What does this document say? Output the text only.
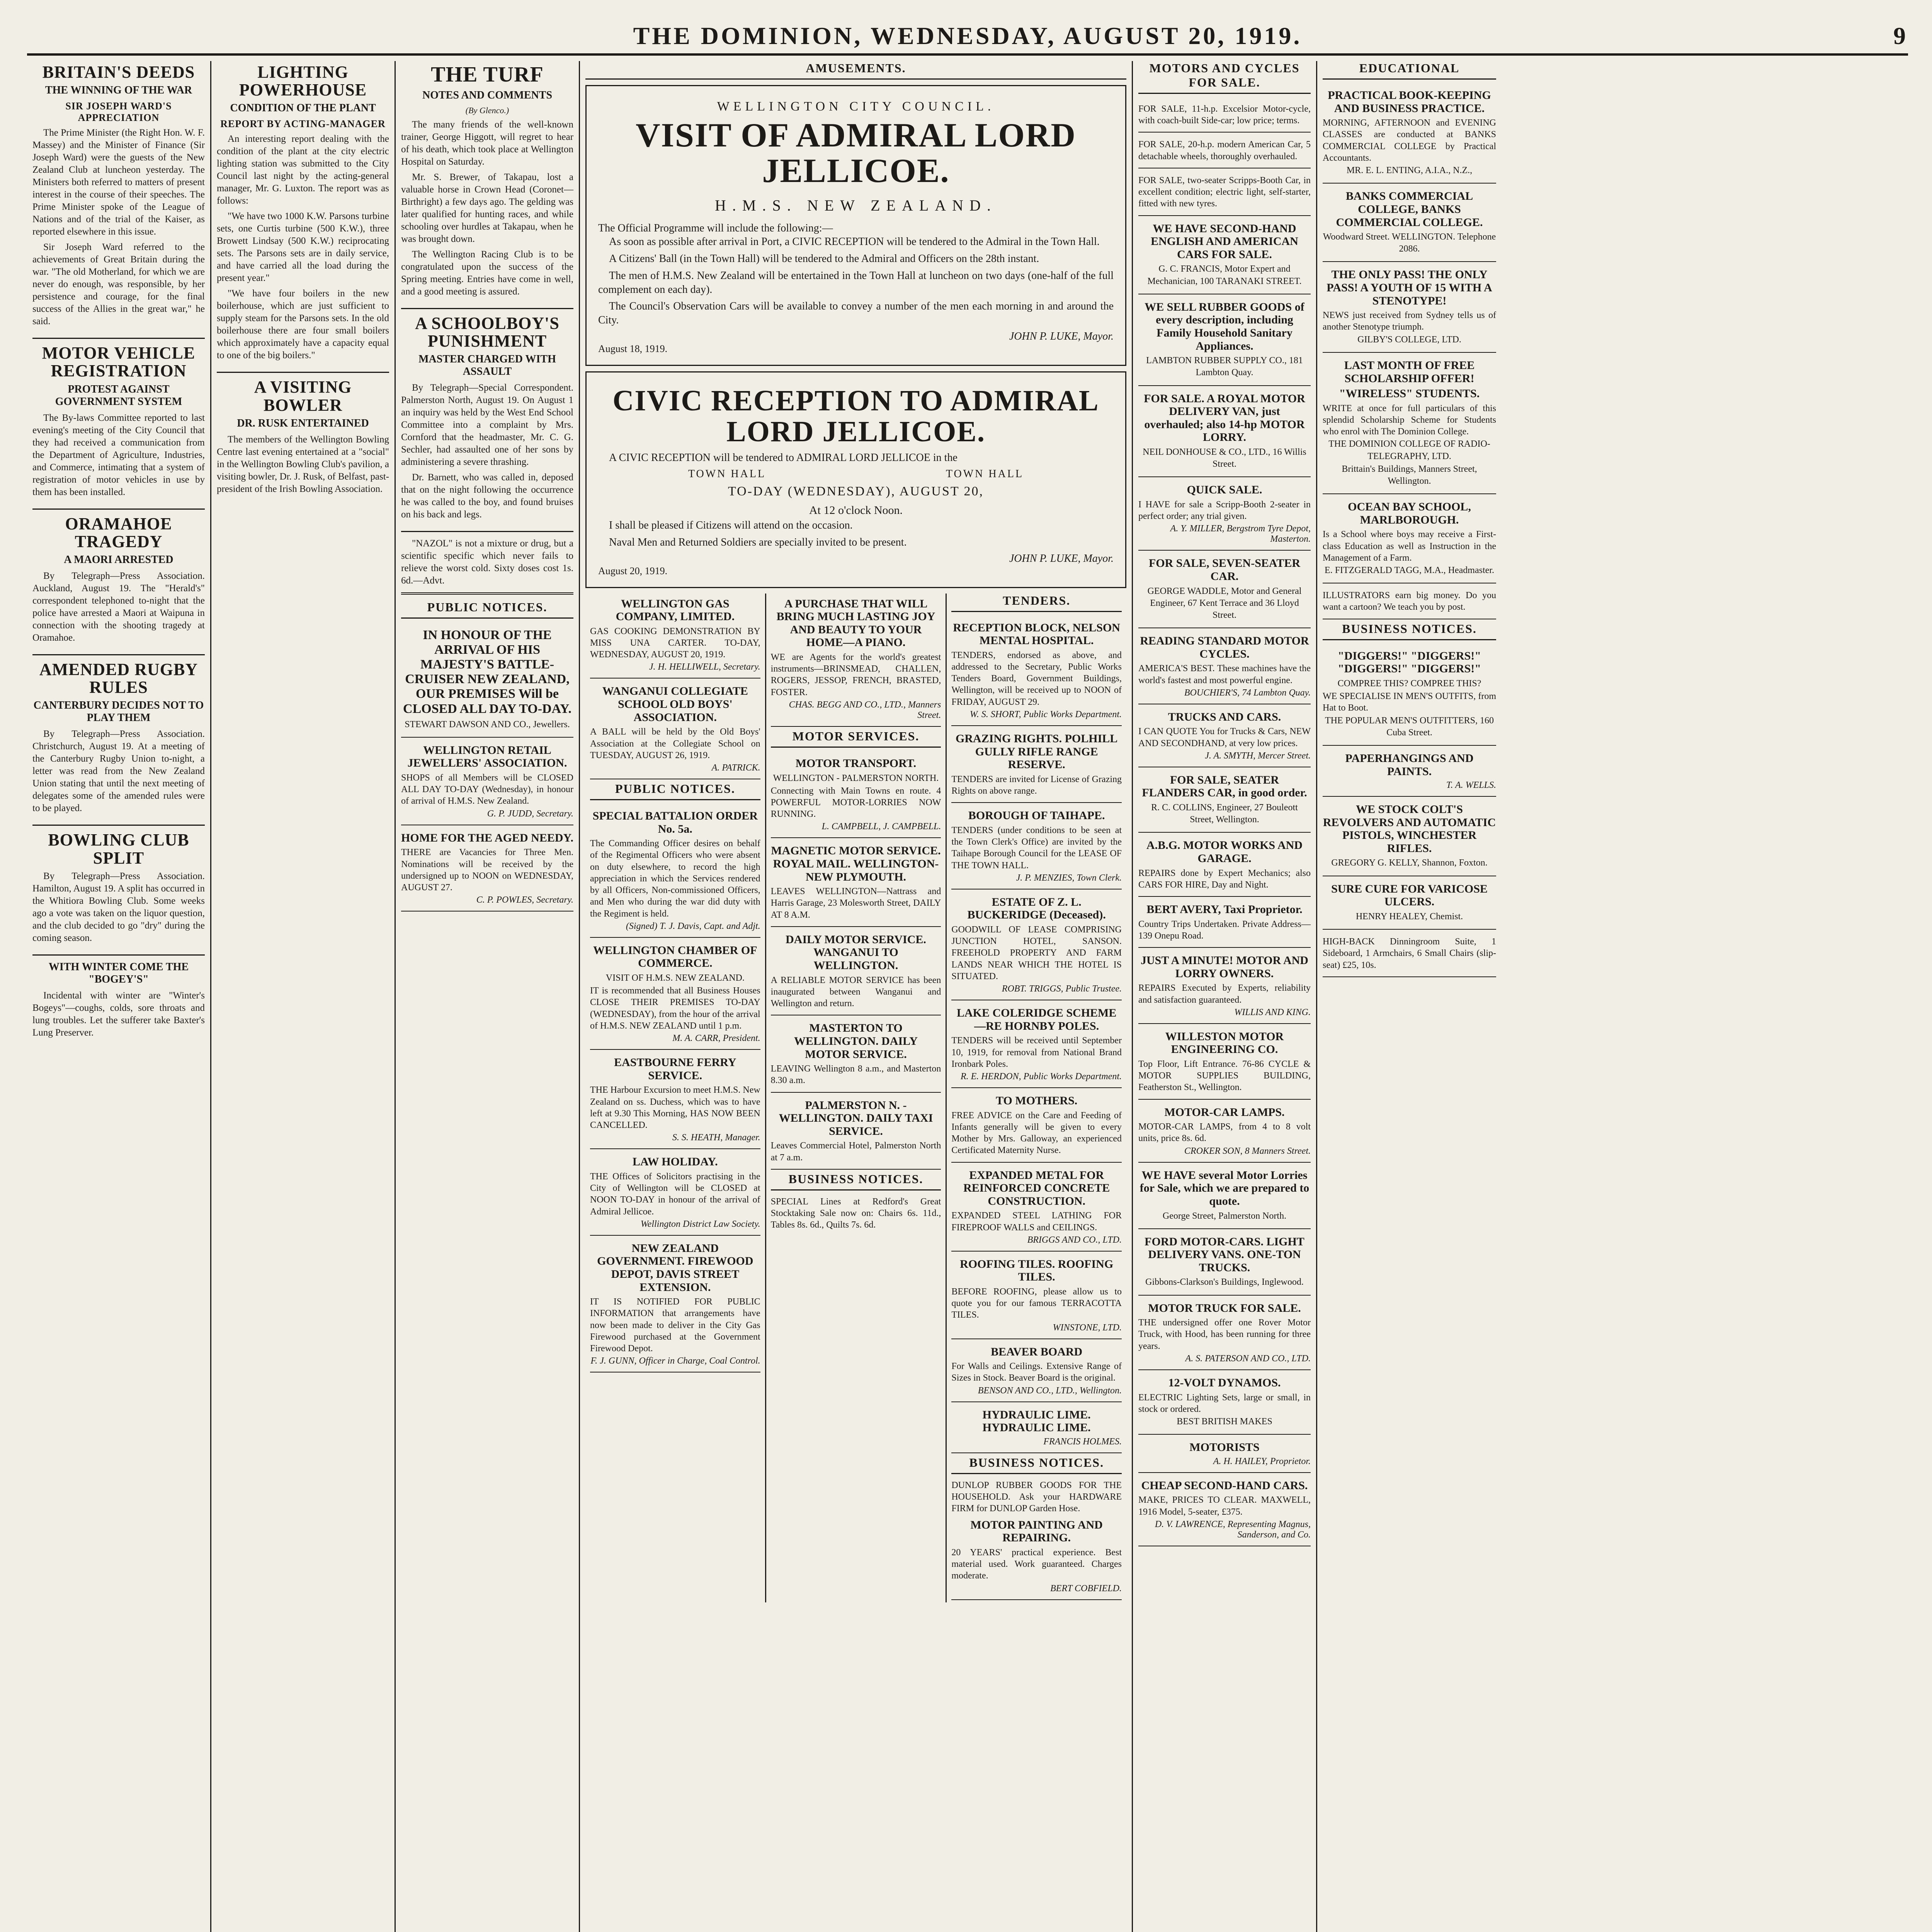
THE DOMINION, WEDNESDAY, AUGUST 20, 1919.	9
BRITAIN'S DEEDS
THE WINNING OF THE WAR
SIR JOSEPH WARD'S APPRECIATION

The Prime Minister (the Right Hon. W. F. Massey) and the Minister of Finance (Sir Joseph Ward) were the guests of the New Zealand Club at luncheon yesterday. The Ministers both referred to matters of present interest in the course of their speeches. The Prime Minister spoke of the League of Nations and of the trial of the Kaiser, as reported elsewhere in this issue.

Sir Joseph Ward referred to the achievements of Great Britain during the war. "The old Motherland, for which we are never do enough, was responsible, by her persistence and courage, for the final success of the Allies in the great war," he said.

MOTOR VEHICLE REGISTRATION
PROTEST AGAINST GOVERNMENT SYSTEM

The By-laws Committee reported to last evening's meeting of the City Council that they had received a communication from the Department of Agriculture, Industries, and Commerce, intimating that a system of registration of motor vehicles in use by them has been installed.

ORAMAHOE TRAGEDY
A MAORI ARRESTED

By Telegraph—Press Association. Auckland, August 19. The "Herald's" correspondent telephoned to-night that the police have arrested a Maori at Waipuna in connection with the shooting tragedy at Oramahoe.

AMENDED RUGBY RULES
CANTERBURY DECIDES NOT TO PLAY THEM

By Telegraph—Press Association. Christchurch, August 19. At a meeting of the Canterbury Rugby Union to-night, a letter was read from the New Zealand Union stating that until the next meeting of delegates some of the amended rules were to be played.

BOWLING CLUB SPLIT

By Telegraph—Press Association. Hamilton, August 19. A split has occurred in the Whitiora Bowling Club. Some weeks ago a vote was taken on the liquor question, and the club decided to go "dry" during the coming season.

WITH WINTER COME THE "BOGEY'S"

Incidental with winter are "Winter's Bogeys"—coughs, colds, sore throats and lung troubles. Let the sufferer take Baxter's Lung Preserver.

LIGHTING POWERHOUSE
CONDITION OF THE PLANT
REPORT BY ACTING-MANAGER

An interesting report dealing with the condition of the plant at the city electric lighting station was submitted to the City Council last night by the acting-general manager, Mr. G. Luxton. The report was as follows:

"We have two 1000 K.W. Parsons turbine sets, one Curtis turbine (500 K.W.), three Browett Lindsay (500 K.W.) reciprocating sets. The Parsons sets are in daily service, and have carried all the load during the present year."

"We have four boilers in the new boilerhouse, which are just sufficient to supply steam for the Parsons sets. In the old boilerhouse there are four small boilers which approximately have a capacity equal to one of the big boilers."

A VISITING BOWLER
DR. RUSK ENTERTAINED

The members of the Wellington Bowling Centre last evening entertained at a "social" in the Wellington Bowling Club's pavilion, a visiting bowler, Dr. J. Rusk, of Belfast, past-president of the Irish Bowling Association.

THE TURF
NOTES AND COMMENTS
(By Glenco.)

The many friends of the well-known trainer, George Higgott, will regret to hear of his death, which took place at Wellington Hospital on Saturday.

Mr. S. Brewer, of Takapau, lost a valuable horse in Crown Head (Coronet—Birthright) a few days ago. The gelding was later qualified for hunting races, and while schooling over hurdles at Takapau, when he was brought down.

The Wellington Racing Club is to be congratulated upon the success of the Spring meeting. Entries have come in well, and a good meeting is assured.

A SCHOOLBOY'S PUNISHMENT
MASTER CHARGED WITH ASSAULT

By Telegraph—Special Correspondent. Palmerston North, August 19. On August 1 an inquiry was held by the West End School Committee into a complaint by Mrs. Cornford that the headmaster, Mr. C. G. Sechler, had assaulted one of her sons by administering a severe thrashing.

Dr. Barnett, who was called in, deposed that on the night following the occurrence he was called to the boy, and found bruises on his back and legs.

"NAZOL" is not a mixture or drug, but a scientific specific which never fails to relieve the worst cold. Sixty doses cost 1s. 6d.—Advt.

PUBLIC NOTICES.
IN HONOUR OF THE ARRIVAL OF HIS MAJESTY'S BATTLE-CRUISER NEW ZEALAND, OUR PREMISES Will be CLOSED ALL DAY TO-DAY.
STEWART DAWSON AND CO., Jewellers.
WELLINGTON RETAIL JEWELLERS' ASSOCIATION.

SHOPS of all Members will be CLOSED ALL DAY TO-DAY (Wednesday), in honour of arrival of H.M.S. New Zealand.

G. P. JUDD, Secretary.
HOME FOR THE AGED NEEDY.

THERE are Vacancies for Three Men. Nominations will be received by the undersigned up to NOON on WEDNESDAY, AUGUST 27.

C. P. POWLES, Secretary.
AMUSEMENTS.
WELLINGTON CITY COUNCIL.
VISIT OF ADMIRAL LORD JELLICOE.
H.M.S. NEW ZEALAND.

The Official Programme will include the following:—

As soon as possible after arrival in Port, a CIVIC RECEPTION will be tendered to the Admiral in the Town Hall.

A Citizens' Ball (in the Town Hall) will be tendered to the Admiral and Officers on the 28th instant.

The men of H.M.S. New Zealand will be entertained in the Town Hall at luncheon on two days (one-half of the full complement on each day).

The Council's Observation Cars will be available to convey a number of the men each morning in and around the City.

JOHN P. LUKE, Mayor.
August 18, 1919.
CIVIC RECEPTION TO ADMIRAL LORD JELLICOE.

A CIVIC RECEPTION will be tendered to ADMIRAL LORD JELLICOE in the

TOWN HALL	TOWN HALL
TO-DAY (WEDNESDAY), AUGUST 20,
At 12 o'clock Noon.

I shall be pleased if Citizens will attend on the occasion.

Naval Men and Returned Soldiers are specially invited to be present.

JOHN P. LUKE, Mayor.
August 20, 1919.
WELLINGTON GAS COMPANY, LIMITED.

GAS COOKING DEMONSTRATION BY MISS UNA CARTER. TO-DAY, WEDNESDAY, AUGUST 20, 1919.

J. H. HELLIWELL, Secretary.
WANGANUI COLLEGIATE SCHOOL OLD BOYS' ASSOCIATION.

A BALL will be held by the Old Boys' Association at the Collegiate School on TUESDAY, AUGUST 26, 1919.

A. PATRICK.
PUBLIC NOTICES.
SPECIAL BATTALION ORDER No. 5a.

The Commanding Officer desires on behalf of the Regimental Officers who were absent on duty elsewhere, to record the high appreciation in which the Services rendered by all Officers, Non-commissioned Officers, and Men who during the war did duty with the Regiment is held.

(Signed) T. J. Davis, Capt. and Adjt.
WELLINGTON CHAMBER OF COMMERCE.
VISIT OF H.M.S. NEW ZEALAND.

IT is recommended that all Business Houses CLOSE THEIR PREMISES TO-DAY (WEDNESDAY), from the hour of the arrival of H.M.S. NEW ZEALAND until 1 p.m.

M. A. CARR, President.
EASTBOURNE FERRY SERVICE.

THE Harbour Excursion to meet H.M.S. New Zealand on ss. Duchess, which was to have left at 9.30 This Morning, HAS NOW BEEN CANCELLED.

S. S. HEATH, Manager.
LAW HOLIDAY.

THE Offices of Solicitors practising in the City of Wellington will be CLOSED at NOON TO-DAY in honour of the arrival of Admiral Jellicoe.

Wellington District Law Society.
NEW ZEALAND GOVERNMENT. FIREWOOD DEPOT, DAVIS STREET EXTENSION.

IT IS NOTIFIED FOR PUBLIC INFORMATION that arrangements have now been made to deliver in the City Gas Firewood purchased at the Government Firewood Depot.

F. J. GUNN, Officer in Charge, Coal Control.
A PURCHASE THAT WILL BRING MUCH LASTING JOY AND BEAUTY TO YOUR HOME—A PIANO.

WE are Agents for the world's greatest instruments—BRINSMEAD, CHALLEN, ROGERS, JESSOP, FRENCH, BRASTED, FOSTER.

CHAS. BEGG AND CO., LTD., Manners Street.
MOTOR SERVICES.
MOTOR TRANSPORT.
WELLINGTON - PALMERSTON NORTH.

Connecting with Main Towns en route. 4 POWERFUL MOTOR-LORRIES NOW RUNNING.

L. CAMPBELL, J. CAMPBELL.
MAGNETIC MOTOR SERVICE. ROYAL MAIL. WELLINGTON-NEW PLYMOUTH.

LEAVES WELLINGTON—Nattrass and Harris Garage, 23 Molesworth Street, DAILY AT 8 A.M.

DAILY MOTOR SERVICE. WANGANUI TO WELLINGTON.

A RELIABLE MOTOR SERVICE has been inaugurated between Wanganui and Wellington and return.

MASTERTON TO WELLINGTON. DAILY MOTOR SERVICE.

LEAVING Wellington 8 a.m., and Masterton 8.30 a.m.

PALMERSTON N. - WELLINGTON. DAILY TAXI SERVICE.

Leaves Commercial Hotel, Palmerston North at 7 a.m.

BUSINESS NOTICES.

SPECIAL Lines at Redford's Great Stocktaking Sale now on: Chairs 6s. 11d., Tables 8s. 6d., Quilts 7s. 6d.

TENDERS.
RECEPTION BLOCK, NELSON MENTAL HOSPITAL.

TENDERS, endorsed as above, and addressed to the Secretary, Public Works Tenders Board, Government Buildings, Wellington, will be received up to NOON of FRIDAY, AUGUST 29.

W. S. SHORT, Public Works Department.
GRAZING RIGHTS. POLHILL GULLY RIFLE RANGE RESERVE.

TENDERS are invited for License of Grazing Rights on above range.

BOROUGH OF TAIHAPE.

TENDERS (under conditions to be seen at the Town Clerk's Office) are invited by the Taihape Borough Council for the LEASE OF THE TOWN HALL.

J. P. MENZIES, Town Clerk.
ESTATE OF Z. L. BUCKERIDGE (Deceased).

GOODWILL OF LEASE COMPRISING JUNCTION HOTEL, SANSON. FREEHOLD PROPERTY AND FARM LANDS NEAR WHICH THE HOTEL IS SITUATED.

ROBT. TRIGGS, Public Trustee.
LAKE COLERIDGE SCHEME—RE HORNBY POLES.

TENDERS will be received until September 10, 1919, for removal from National Brand Ironbark Poles.

R. E. HERDON, Public Works Department.
TO MOTHERS.

FREE ADVICE on the Care and Feeding of Infants generally will be given to every Mother by Mrs. Galloway, an experienced Certificated Maternity Nurse.

EXPANDED METAL FOR REINFORCED CONCRETE CONSTRUCTION.

EXPANDED STEEL LATHING FOR FIREPROOF WALLS and CEILINGS.

BRIGGS AND CO., LTD.
ROOFING TILES. ROOFING TILES.

BEFORE ROOFING, please allow us to quote you for our famous TERRACOTTA TILES.

WINSTONE, LTD.
BEAVER BOARD

For Walls and Ceilings. Extensive Range of Sizes in Stock. Beaver Board is the original.

BENSON AND CO., LTD., Wellington.
HYDRAULIC LIME. HYDRAULIC LIME.
FRANCIS HOLMES.
BUSINESS NOTICES.

DUNLOP RUBBER GOODS FOR THE HOUSEHOLD. Ask your HARDWARE FIRM for DUNLOP Garden Hose.

MOTOR PAINTING AND REPAIRING.

20 YEARS' practical experience. Best material used. Work guaranteed. Charges moderate.

BERT COBFIELD.
MOTORS AND CYCLES FOR SALE.

FOR SALE, 11-h.p. Excelsior Motor-cycle, with coach-built Side-car; low price; terms.

FOR SALE, 20-h.p. modern American Car, 5 detachable wheels, thoroughly overhauled.

FOR SALE, two-seater Scripps-Booth Car, in excellent condition; electric light, self-starter, fitted with new tyres.

WE HAVE SECOND-HAND ENGLISH AND AMERICAN CARS FOR SALE.
G. C. FRANCIS, Motor Expert and Mechanician, 100 TARANAKI STREET.
WE SELL RUBBER GOODS of every description, including Family Household Sanitary Appliances.
LAMBTON RUBBER SUPPLY CO., 181 Lambton Quay.
FOR SALE. A ROYAL MOTOR DELIVERY VAN, just overhauled; also 14-hp MOTOR LORRY.
NEIL DONHOUSE & CO., LTD., 16 Willis Street.
QUICK SALE.

I HAVE for sale a Scripp-Booth 2-seater in perfect order; any trial given.

A. Y. MILLER, Bergstrom Tyre Depot, Masterton.
FOR SALE, SEVEN-SEATER CAR.
GEORGE WADDLE, Motor and General Engineer, 67 Kent Terrace and 36 Lloyd Street.
READING STANDARD MOTOR CYCLES.

AMERICA'S BEST. These machines have the world's fastest and most powerful engine.

BOUCHIER'S, 74 Lambton Quay.
TRUCKS AND CARS.

I CAN QUOTE You for Trucks & Cars, NEW AND SECONDHAND, at very low prices.

J. A. SMYTH, Mercer Street.
FOR SALE, SEATER FLANDERS CAR, in good order.
R. C. COLLINS, Engineer, 27 Bouleott Street, Wellington.
A.B.G. MOTOR WORKS AND GARAGE.

REPAIRS done by Expert Mechanics; also CARS FOR HIRE, Day and Night.

BERT AVERY, Taxi Proprietor.

Country Trips Undertaken. Private Address—139 Onepu Road.

JUST A MINUTE! MOTOR AND LORRY OWNERS.

REPAIRS Executed by Experts, reliability and satisfaction guaranteed.

WILLIS AND KING.
WILLESTON MOTOR ENGINEERING CO.

Top Floor, Lift Entrance. 76-86 CYCLE & MOTOR SUPPLIES BUILDING, Featherston St., Wellington.

MOTOR-CAR LAMPS.

MOTOR-CAR LAMPS, from 4 to 8 volt units, price 8s. 6d.

CROKER SON, 8 Manners Street.
WE HAVE several Motor Lorries for Sale, which we are prepared to quote.
George Street, Palmerston North.
FORD MOTOR-CARS. LIGHT DELIVERY VANS. ONE-TON TRUCKS.
Gibbons-Clarkson's Buildings, Inglewood.
MOTOR TRUCK FOR SALE.

THE undersigned offer one Rover Motor Truck, with Hood, has been running for three years.

A. S. PATERSON AND CO., LTD.
12-VOLT DYNAMOS.

ELECTRIC Lighting Sets, large or small, in stock or ordered.

BEST BRITISH MAKES
MOTORISTS
A. H. HAILEY, Proprietor.
CHEAP SECOND-HAND CARS.

MAKE, PRICES TO CLEAR. MAXWELL, 1916 Model, 5-seater, £375.

D. V. LAWRENCE, Representing Magnus, Sanderson, and Co.
EDUCATIONAL
PRACTICAL BOOK-KEEPING AND BUSINESS PRACTICE.

MORNING, AFTERNOON and EVENING CLASSES are conducted at BANKS COMMERCIAL COLLEGE by Practical Accountants.

MR. E. L. ENTING, A.I.A., N.Z.,
BANKS COMMERCIAL COLLEGE, BANKS COMMERCIAL COLLEGE.
Woodward Street. WELLINGTON. Telephone 2086.
THE ONLY PASS! THE ONLY PASS! A YOUTH OF 15 WITH A STENOTYPE!

NEWS just received from Sydney tells us of another Stenotype triumph.

GILBY'S COLLEGE, LTD.
LAST MONTH OF FREE SCHOLARSHIP OFFER!
"WIRELESS" STUDENTS.

WRITE at once for full particulars of this splendid Scholarship Scheme for Students who enrol with The Dominion College.

THE DOMINION COLLEGE OF RADIO-TELEGRAPHY, LTD.
Brittain's Buildings, Manners Street, Wellington.
OCEAN BAY SCHOOL, MARLBOROUGH.

Is a School where boys may receive a First-class Education as well as Instruction in the Management of a Farm.

E. FITZGERALD TAGG, M.A., Headmaster.

ILLUSTRATORS earn big money. Do you want a cartoon? We teach you by post.

BUSINESS NOTICES.
"DIGGERS!" "DIGGERS!" "DIGGERS!" "DIGGERS!"
COMPREE THIS? COMPREE THIS?

WE SPECIALISE IN MEN'S OUTFITS, from Hat to Boot.

THE POPULAR MEN'S OUTFITTERS, 160 Cuba Street.
PAPERHANGINGS AND PAINTS.
T. A. WELLS.
WE STOCK COLT'S REVOLVERS AND AUTOMATIC PISTOLS, WINCHESTER RIFLES.
GREGORY G. KELLY, Shannon, Foxton.
SURE CURE FOR VARICOSE ULCERS.
HENRY HEALEY, Chemist.

HIGH-BACK Dinningroom Suite, 1 Sideboard, 1 Armchairs, 6 Small Chairs (slip-seat) £25, 10s.
